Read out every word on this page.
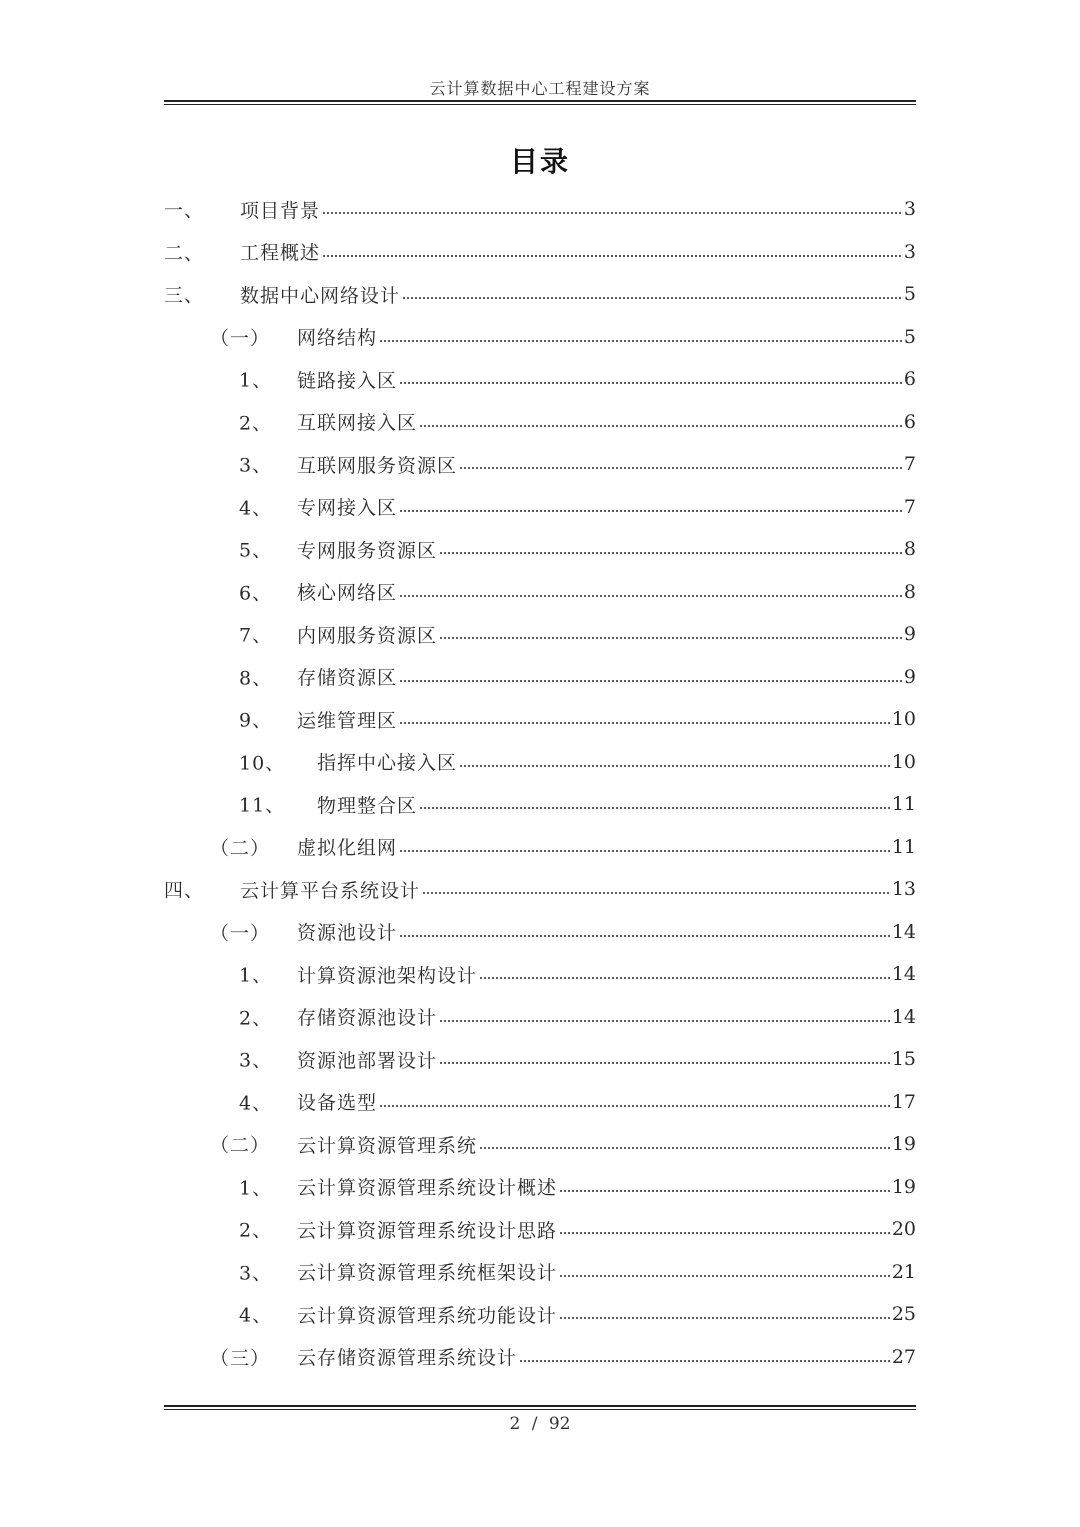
云计算数据中心工程建设方案
目录
一、 项目背景	3
二、 工程概述	3
三、 数据中心网络设计	5
（一） 网络结构	5
1、 链路接入区	6
2、 互联网接入区	6
3、 互联网服务资源区	7
4、 专网接入区	7
5、 专网服务资源区	8
6、 核心网络区	8
7、 内网服务资源区	9
8、 存储资源区	9
9、 运维管理区	10
10、 指挥中心接入区	10
11、 物理整合区	11
（二） 虚拟化组网	11
四、 云计算平台系统设计	13
（一） 资源池设计	14
1、 计算资源池架构设计	14
2、 存储资源池设计	14
3、 资源池部署设计	15
4、 设备选型	17
（二） 云计算资源管理系统	19
1、 云计算资源管理系统设计概述	19
2、 云计算资源管理系统设计思路	20
3、 云计算资源管理系统框架设计	21
4、 云计算资源管理系统功能设计	25
（三） 云存储资源管理系统设计	27
2 / 92
